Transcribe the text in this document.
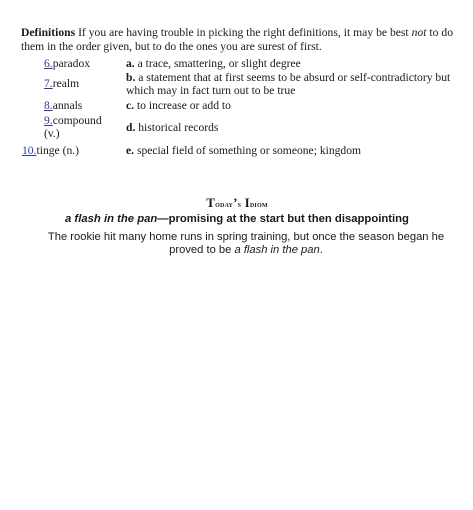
Definitions If you are having trouble in picking the right definitions, it may be best not to do them in the order given, but to do the ones you are surest of first.

6.paradox	a. a trace, smattering, or slight degree
7.realm	b. a statement that at first seems to be absurd or self-contradictory but which may in fact turn out to be true
8.annals	c. to increase or add to
9.compound (v.)	d. historical records
10.tinge (n.)	e. special field of something or someone; kingdom
TODAY’S IDIOM
a flash in the pan—promising at the start but then disappointing
The rookie hit many home runs in spring training, but once the season began he proved to be a flash in the pan.
